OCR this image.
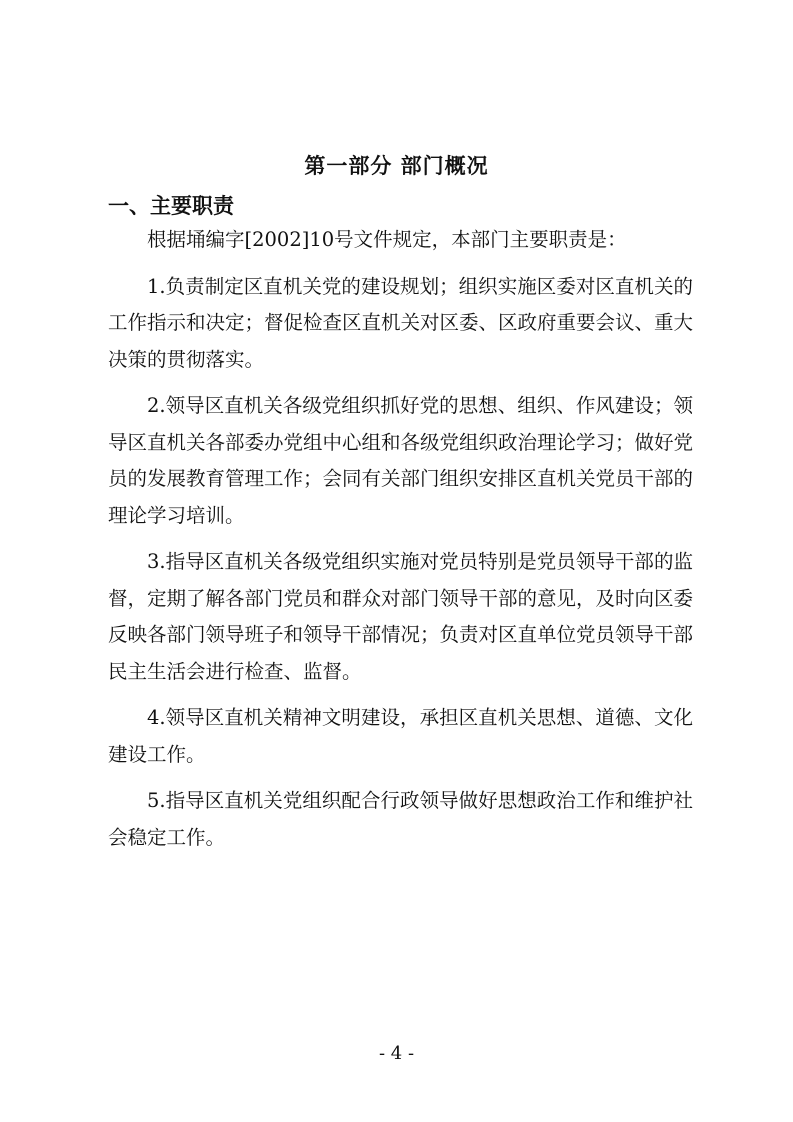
第一部分 部门概况
一、主要职责

根据埇编字[2002]10号文件规定，本部门主要职责是：

1.负责制定区直机关党的建设规划；组织实施区委对区直机关的工作指示和决定；督促检查区直机关对区委、区政府重要会议、重大决策的贯彻落实。

2.领导区直机关各级党组织抓好党的思想、组织、作风建设；领导区直机关各部委办党组中心组和各级党组织政治理论学习；做好党员的发展教育管理工作；会同有关部门组织安排区直机关党员干部的理论学习培训。

3.指导区直机关各级党组织实施对党员特别是党员领导干部的监督，定期了解各部门党员和群众对部门领导干部的意见，及时向区委反映各部门领导班子和领导干部情况；负责对区直单位党员领导干部民主生活会进行检查、监督。

4.领导区直机关精神文明建设，承担区直机关思想、道德、文化建设工作。

5.指导区直机关党组织配合行政领导做好思想政治工作和维护社会稳定工作。

- 4 -
